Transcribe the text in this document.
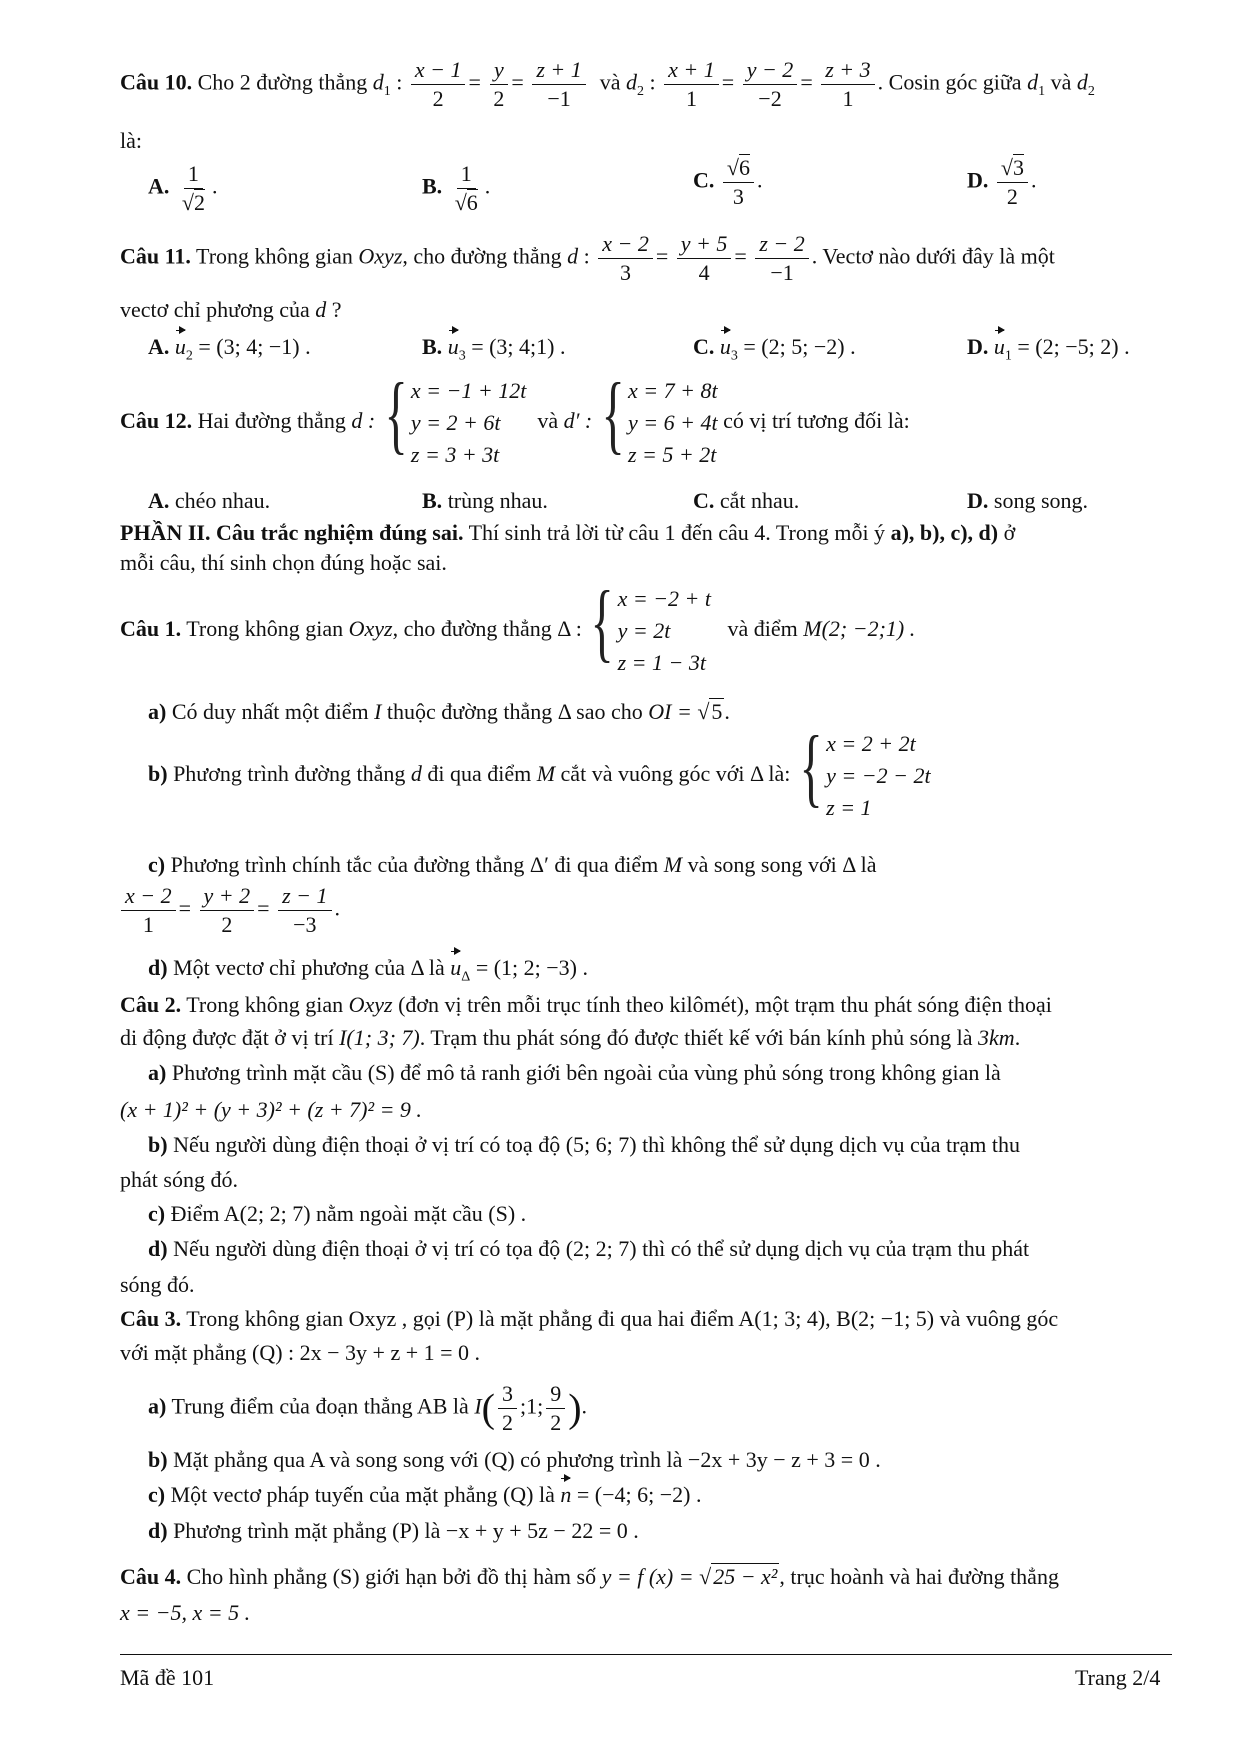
Câu 10. Cho 2 đường thẳng $d_1$ : $\frac{x - 1}{2} = \frac{y}{2} = \frac{z + 1}{-1}$ và $d_2$ : $\frac{x + 1}{1} = \frac{y - 2}{-2} = \frac{z + 3}{1}$ . Cosin góc giữa $d_1$ và $d_2$
là:
A. $\frac{1}{√2}$ .	B. $\frac{1}{√6}$ .	C. $\frac{√6}{3}$ .	D. $\frac{√3}{2}$ .
Câu 11. Trong không gian Oxyz, cho đường thẳng d : $\frac{x - 2}{3} = \frac{y + 5}{4} = \frac{z - 2}{-1}$ . Vectơ nào dưới đây là một
vectơ chỉ phương của d ?
A. $u_2 = (3$; 4; −1) .	B. $u_3 = (3$; 4;1) .	C. $u_3 = (2$; 5; −2) .	D. $u_1 = (2$; −5; 2) .
Câu 12. Hai đường thẳng d : { x = −1 + 12t
y = 2 + 6t
z = 3 + 3t
và d′ : { x = 7 + 8t
y = 6 + 4t
z = 5 + 2t
có vị trí tương đối là:
A. chéo nhau.	B. trùng nhau.	C. cắt nhau.	D. song song.
PHẦN II. Câu trắc nghiệm đúng sai. Thí sinh trả lời từ câu 1 đến câu 4. Trong mỗi ý a), b), c), d) ở
mỗi câu, thí sinh chọn đúng hoặc sai.
Câu 1. Trong không gian Oxyz, cho đường thẳng Δ : { x = −2 + t
y = 2t
z = 1 − 3t
và điểm M(2; −2;1) .
a) Có duy nhất một điểm I thuộc đường thẳng Δ sao cho OI = √ 5 .
b) Phương trình đường thẳng d đi qua điểm M cắt và vuông góc với Δ là: { x = 2 + 2t
y = −2 − 2t
z = 1
c) Phương trình chính tắc của đường thẳng Δ′ đi qua điểm M và song song với Δ là
$\frac{x - 2}{1} = \frac{y + 2}{2} = \frac{z - 1}{-3}$ .
d) Một vectơ chỉ phương của Δ là $u_\Delta = (1$; 2; −3) .
Câu 2. Trong không gian Oxyz (đơn vị trên mỗi trục tính theo kilômét), một trạm thu phát sóng điện thoại
di động được đặt ở vị trí I(1; 3; 7). Trạm thu phát sóng đó được thiết kế với bán kính phủ sóng là 3km.
a) Phương trình mặt cầu (S) để mô tả ranh giới bên ngoài của vùng phủ sóng trong không gian là
(x + 1)² + (y + 3)² + (z + 7)² = 9 .
b) Nếu người dùng điện thoại ở vị trí có toạ độ (5; 6; 7) thì không thể sử dụng dịch vụ của trạm thu
phát sóng đó.
c) Điểm A(2; 2; 7) nằm ngoài mặt cầu (S) .
d) Nếu người dùng điện thoại ở vị trí có tọa độ (2; 2; 7) thì có thể sử dụng dịch vụ của trạm thu phát
sóng đó.
Câu 3. Trong không gian Oxyz , gọi (P) là mặt phẳng đi qua hai điểm A(1; 3; 4), B(2; −1; 5) và vuông góc
với mặt phẳng (Q) : 2x − 3y + z + 1 = 0 .
a) Trung điểm của đoạn thẳng AB là $I( \frac{3}{2}$ ;1; $\frac{9}{2}$ ).
b) Mặt phẳng qua A và song song với (Q) có phương trình là −2x + 3y − z + 3 = 0 .
c) Một vectơ pháp tuyến của mặt phẳng (Q) là n = (−4; 6; −2) .
d) Phương trình mặt phẳng (P) là −x + y + 5z − 22 = 0 .
Câu 4. Cho hình phẳng (S) giới hạn bởi đồ thị hàm số y = f (x) = √ 25 − x² , trục hoành và hai đường thẳng
x = −5, x = 5 .
Mã đề 101	Trang 2/4
